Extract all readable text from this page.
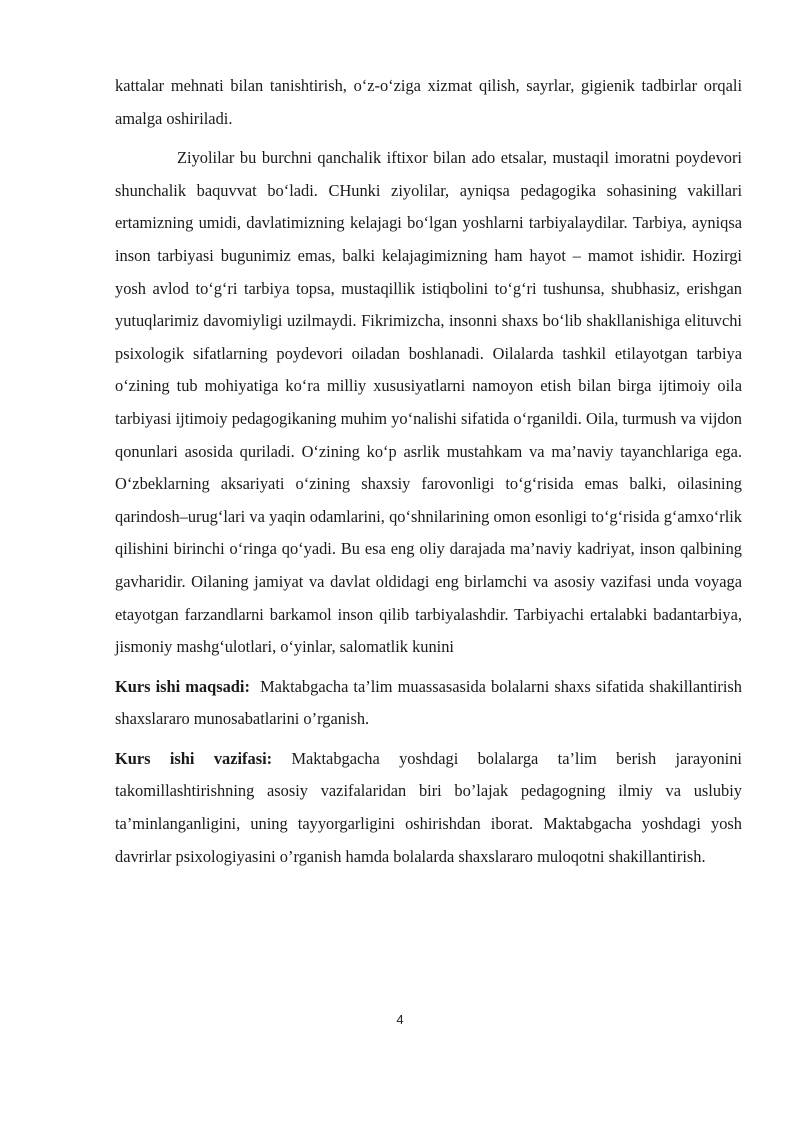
kattalar mehnati bilan tanishtirish, o‘z-o‘ziga xizmat qilish, sayrlar, gigienik tadbirlar orqali amalga oshiriladi.

Ziyolilar bu burchni qanchalik iftixor bilan ado etsalar, mustaqil imoratni poydevori shunchalik baquvvat bo‘ladi. CHunki ziyolilar, ayniqsa pedagogika sohasining vakillari ertamizning umidi, davlatimizning kelajagi bo‘lgan yoshlarni tarbiyalaydilar. Tarbiya, ayniqsa inson tarbiyasi bugunimiz emas, balki kelajagimizning ham hayot – mamot ishidir. Hozirgi yosh avlod to‘g‘ri tarbiya topsa, mustaqillik istiqbolini to‘g‘ri tushunsa, shubhasiz, erishgan yutuqlarimiz davomiyligi uzilmaydi. Fikrimizcha, insonni shaxs bo‘lib shakllanishiga elituvchi psixologik sifatlarning poydevori oiladan boshlanadi. Oilalarda tashkil etilayotgan tarbiya o‘zining tub mohiyatiga ko‘ra milliy xususiyatlarni namoyon etish bilan birga ijtimoiy oila tarbiyasi ijtimoiy pedagogikaning muhim yo‘nalishi sifatida o‘rganildi. Oila, turmush va vijdon qonunlari asosida quriladi. O‘zining ko‘p asrlik mustahkam va ma’naviy tayanchlariga ega. O‘zbeklarning aksariyati o‘zining shaxsiy farovonligi to‘g‘risida emas balki, oilasining qarindosh–urug‘lari va yaqin odamlarini, qo‘shnilarining omon esonligi to‘g‘risida g‘amxo‘rlik qilishini birinchi o‘ringa qo‘yadi. Bu esa eng oliy darajada ma’naviy kadriyat, inson qalbining gavharidir. Oilaning jamiyat va davlat oldidagi eng birlamchi va asosiy vazifasi unda voyaga etayotgan farzandlarni barkamol inson qilib tarbiyalashdir. Tarbiyachi ertalabki badantarbiya, jismoniy mashg‘ulotlari, o‘yinlar, salomatlik kunini

Kurs ishi maqsadi: Maktabgacha ta’lim muassasasida bolalarni shaxs sifatida shakillantirish shaxslararo munosabatlarini o’rganish.

Kurs ishi vazifasi: Maktabgacha yoshdagi bolalarga ta’lim berish jarayonini takomillashtirishning asosiy vazifalaridan biri bo’lajak pedagogning ilmiy va uslubiy ta’minlanganligini, uning tayyorgarligini oshirishdan iborat. Maktabgacha yoshdagi yosh davrirlar psixologiyasini o’rganish hamda bolalarda shaxslararo muloqotni shakillantirish.

4
